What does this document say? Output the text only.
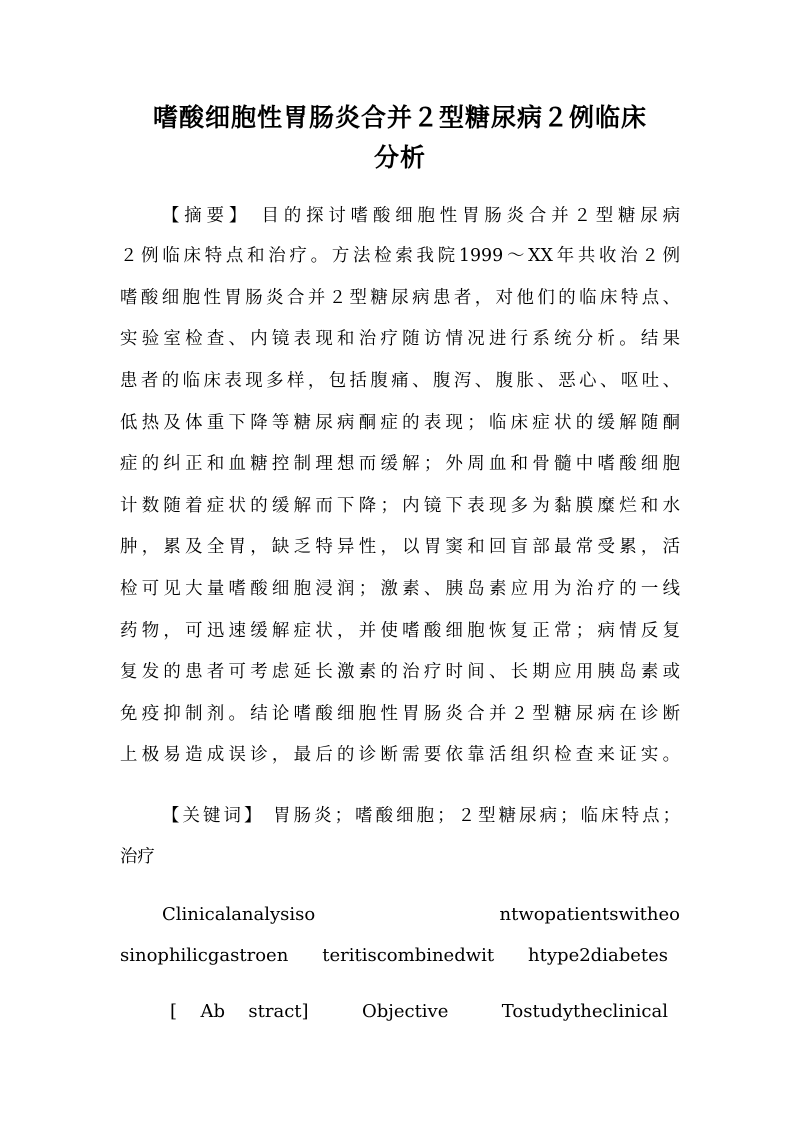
嗜酸细胞性胃肠炎合并２型糖尿病２例临床
分析
【摘要】 目的探讨嗜酸细胞性胃肠炎合并２型糖尿病
２例临床特点和治疗。方法检索我院1999～XX年共收治２例
嗜酸细胞性胃肠炎合并２型糖尿病患者，对他们的临床特点、
实验室检查、内镜表现和治疗随访情况进行系统分析。结果
患者的临床表现多样，包括腹痛、腹泻、腹胀、恶心、呕吐、
低热及体重下降等糖尿病酮症的表现；临床症状的缓解随酮
症的纠正和血糖控制理想而缓解；外周血和骨髓中嗜酸细胞
计数随着症状的缓解而下降；内镜下表现多为黏膜糜烂和水
肿，累及全胃，缺乏特异性，以胃窦和回盲部最常受累，活
检可见大量嗜酸细胞浸润；激素、胰岛素应用为治疗的一线
药物，可迅速缓解症状，并使嗜酸细胞恢复正常；病情反复
复发的患者可考虑延长激素的治疗时间、长期应用胰岛素或
免疫抑制剂。结论嗜酸细胞性胃肠炎合并２型糖尿病在诊断
上极易造成误诊，最后的诊断需要依靠活组织检查来证实。
【关键词】 胃肠炎；嗜酸细胞；２型糖尿病；临床特点；
治疗
Clinicalanalysiso　　　　ntwopatientswitheo
sinophilicgastroen teritiscombinedwit htype2diabetes
[ Ab stract]　Objective　Tostudytheclinical
